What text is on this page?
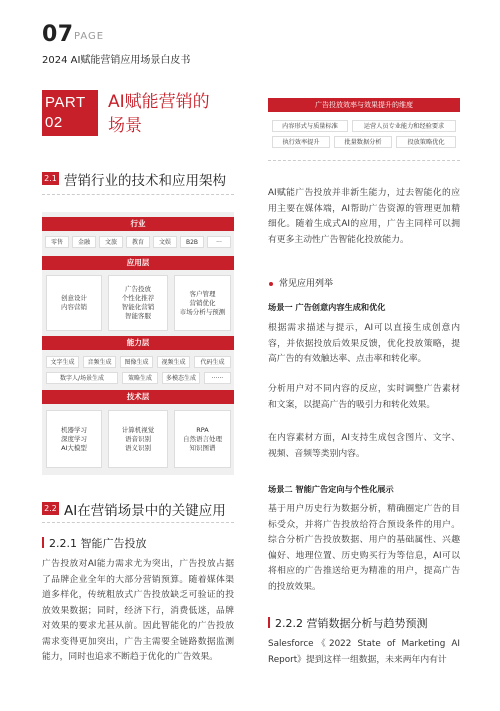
07 PAGE
2024 AI赋能营销应用场景白皮书
PART
02
AI赋能营销的
场景
2.1 营销行业的技术和应用架构
行业
零售	金融	文旅	教育	文娱	B2B	···
应用层
创意设计
内容营销
广告投放
个性化推荐
智能化营销
智能客服
客户管理
营销优化
市场分析与预测
能力层
文字生成	音频生成	图像生成	视频生成	代码生成
数字人/场景生成	策略生成	多模态生成	······
技术层
机器学习
深度学习
AI大模型
计算机视觉
语音识别
语义识别
RPA
自然语言处理
知识图谱
2.2 AI在营销场景中的关键应用
2.2.1 智能广告投放
广告投放对AI能力需求尤为突出，广告投放占据了品牌企业全年的大部分营销预算。随着媒体渠道多样化，传统粗放式广告投放缺乏可验证的投放效果数据；同时，经济下行，消费低迷，品牌对效果的要求尤甚从前。因此智能化的广告投放需求变得更加突出，广告主需要全链路数据监测能力，同时也追求不断趋于优化的广告效果。
广告投放效率与效果提升的维度
内容形式与质量标准	运营人员专业能力和经验要求
执行效率提升	批量数据分析	投放策略优化
AI赋能广告投放并非新生能力，过去智能化的应用主要在媒体端，AI帮助广告资源的管理更加精细化。随着生成式AI的应用，广告主同样可以拥有更多主动性广告智能化投放能力。
常见应用列举
场景一 广告创意内容生成和优化
根据需求描述与提示，AI可以直接生成创意内容，并依据投放后效果反馈，优化投放策略，提高广告的有效触达率、点击率和转化率。
分析用户对不同内容的反应，实时调整广告素材和文案，以提高广告的吸引力和转化效果。
在内容素材方面，AI支持生成包含图片、文字、视频、音频等类别内容。
场景二 智能广告定向与个性化展示
基于用户历史行为数据分析，精确圈定广告的目标受众，并将广告投放给符合预设条件的用户。综合分析广告投放数据、用户的基础属性、兴趣偏好、地理位置、历史购买行为等信息，AI可以将相应的广告推送给更为精准的用户，提高广告的投放效果。
2.2.2 营销数据分析与趋势预测
Salesforce《2022 State of Marketing AI Report》提到这样一组数据，未来两年内有计
